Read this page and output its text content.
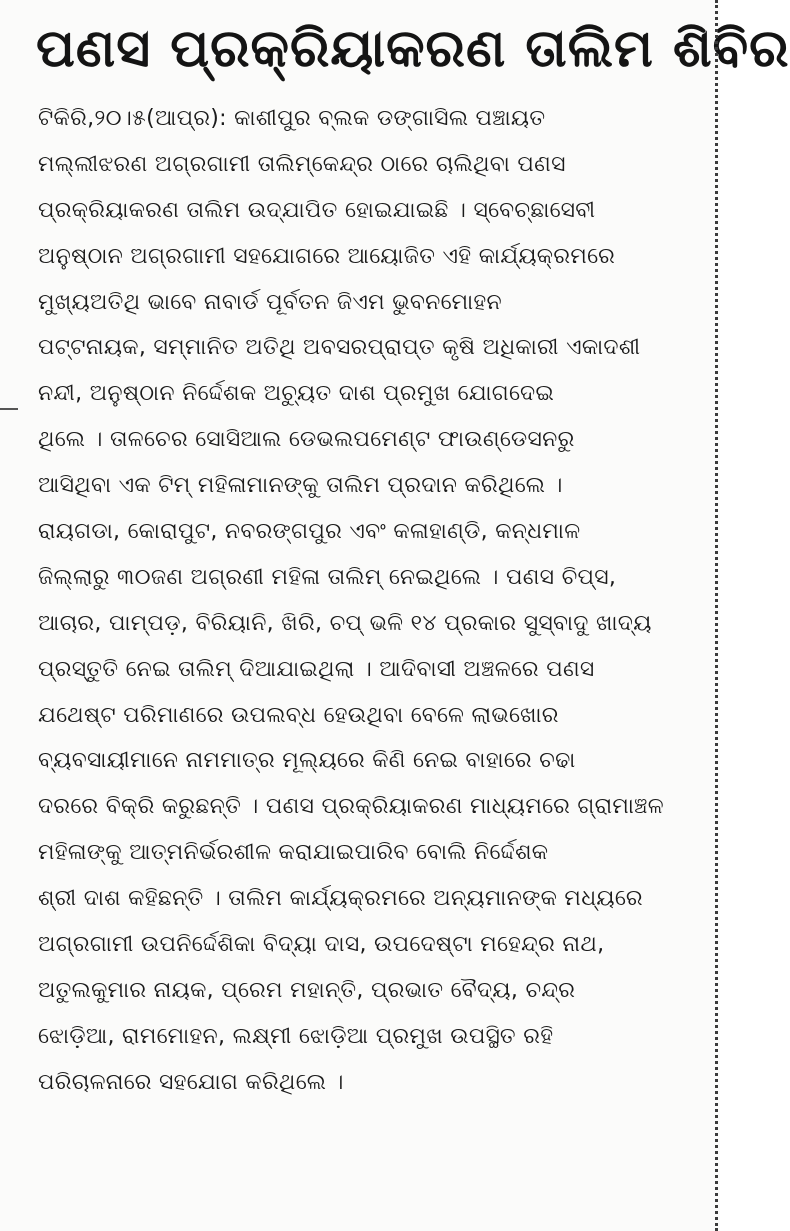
ପଣସ ପ୍ରକ୍ରିୟାକରଣ ତାଲିମ ଶିବିର
ଟିକିରି,୨୦।୫(ଆପ୍ର): କାଶୀପୁର ବ୍ଲକ ଡଙ୍ଗାସିଲ ପଞ୍ଚାୟତ
ମଲ୍ଲୀଝରଣ ଅଗ୍ରଗାମୀ ତାଲିମ୍‌କେନ୍ଦ୍ର ଠାରେ ଚାଲିଥିବା ପଣସ
ପ୍ରକ୍ରିୟାକରଣ ତାଲିମ ଉଦ୍‌ଯାପିତ ହୋଇଯାଇଛି । ସ୍ବେଚ୍ଛାସେବୀ
ଅନୁଷ୍ଠାନ ଅଗ୍ରଗାମୀ ସହଯୋଗରେ ଆୟୋଜିତ ଏହି କାର୍ଯ୍ୟକ୍ରମରେ
ମୁଖ୍ୟଅତିଥି ଭାବେ ନାବାର୍ଡ ପୂର୍ବତନ ଜିଏମ ଭୁବନମୋହନ
ପଟ୍ଟନାୟକ, ସମ୍ମାନିତ ଅତିଥି ଅବସରପ୍ରାପ୍ତ କୃଷି ଅଧିକାରୀ ଏକାଦଶୀ
ନନ୍ଦୀ, ଅନୁଷ୍ଠାନ ନିର୍ଦ୍ଦେଶକ ଅଚ୍ୟୁତ ଦାଶ ପ୍ରମୁଖ ଯୋଗଦେଇ
ଥିଲେ । ତାଳଚେର ସୋସିଆଲ ଡେଭଲପମେଣ୍ଟ ଫାଉଣ୍ଡେସନରୁ
ଆସିଥିବା ଏକ ଟିମ୍ ମହିଳାମାନଙ୍କୁ ତାଲିମ ପ୍ରଦାନ କରିଥିଲେ ।
ରାୟଗଡା, କୋରାପୁଟ, ନବରଙ୍ଗପୁର ଏବଂ କଳାହାଣ୍ଡି, କନ୍ଧମାଳ
ଜିଲ୍ଲାରୁ ୩୦ଜଣ ଅଗ୍ରଣୀ ମହିଳା ତାଲିମ୍ ନେଇଥିଲେ । ପଣସ ଚିପ୍ସ,
ଆଚାର, ପାମ୍ପଡ଼, ବିରିୟାନି, ଖିରି, ଚପ୍ ଭଳି ୧୪ ପ୍ରକାର ସୁସ୍ବାଦୁ ଖାଦ୍ୟ
ପ୍ରସ୍ତୁତି ନେଇ ତାଲିମ୍ ଦିଆଯାଇଥିଲା । ଆଦିବାସୀ ଅଞ୍ଚଳରେ ପଣସ
ଯଥେଷ୍ଟ ପରିମାଣରେ ଉପଲବ୍ଧ ହେଉଥିବା ବେଳେ ଲାଭଖୋର
ବ୍ୟବସାୟୀମାନେ ନାମମାତ୍ର ମୂଲ୍ୟରେ କିଣି ନେଇ ବାହାରେ ଚଢା
ଦରରେ ବିକ୍ରି କରୁଛନ୍ତି । ପଣସ ପ୍ରକ୍ରିୟାକରଣ ମାଧ୍ୟମରେ ଗ୍ରାମାଞ୍ଚଳ
ମହିଳାଙ୍କୁ ଆତ୍ମନିର୍ଭରଶୀଳ କରାଯାଇପାରିବ ବୋଲି ନିର୍ଦ୍ଦେଶକ
ଶ୍ରୀ ଦାଶ କହିଛନ୍ତି । ତାଲିମ କାର୍ଯ୍ୟକ୍ରମରେ ଅନ୍ୟମାନଙ୍କ ମଧ୍ୟରେ
ଅଗ୍ରଗାମୀ ଉପନିର୍ଦ୍ଦେଶିକା ବିଦ୍ୟା ଦାସ, ଉପଦେଷ୍ଟା ମହେନ୍ଦ୍ର ନାଥ,
ଅତୁଲକୁମାର ନାୟକ, ପ୍ରେମ ମହାନ୍ତି, ପ୍ରଭାତ ବୈଦ୍ୟ, ଚନ୍ଦ୍ର
ଝୋଡ଼ିଆ, ରାମମୋହନ, ଲକ୍ଷ୍ମୀ ଝୋଡ଼ିଆ ପ୍ରମୁଖ ଉପସ୍ଥିତ ରହି
ପରିଚାଳନାରେ ସହଯୋଗ କରିଥିଲେ ।
